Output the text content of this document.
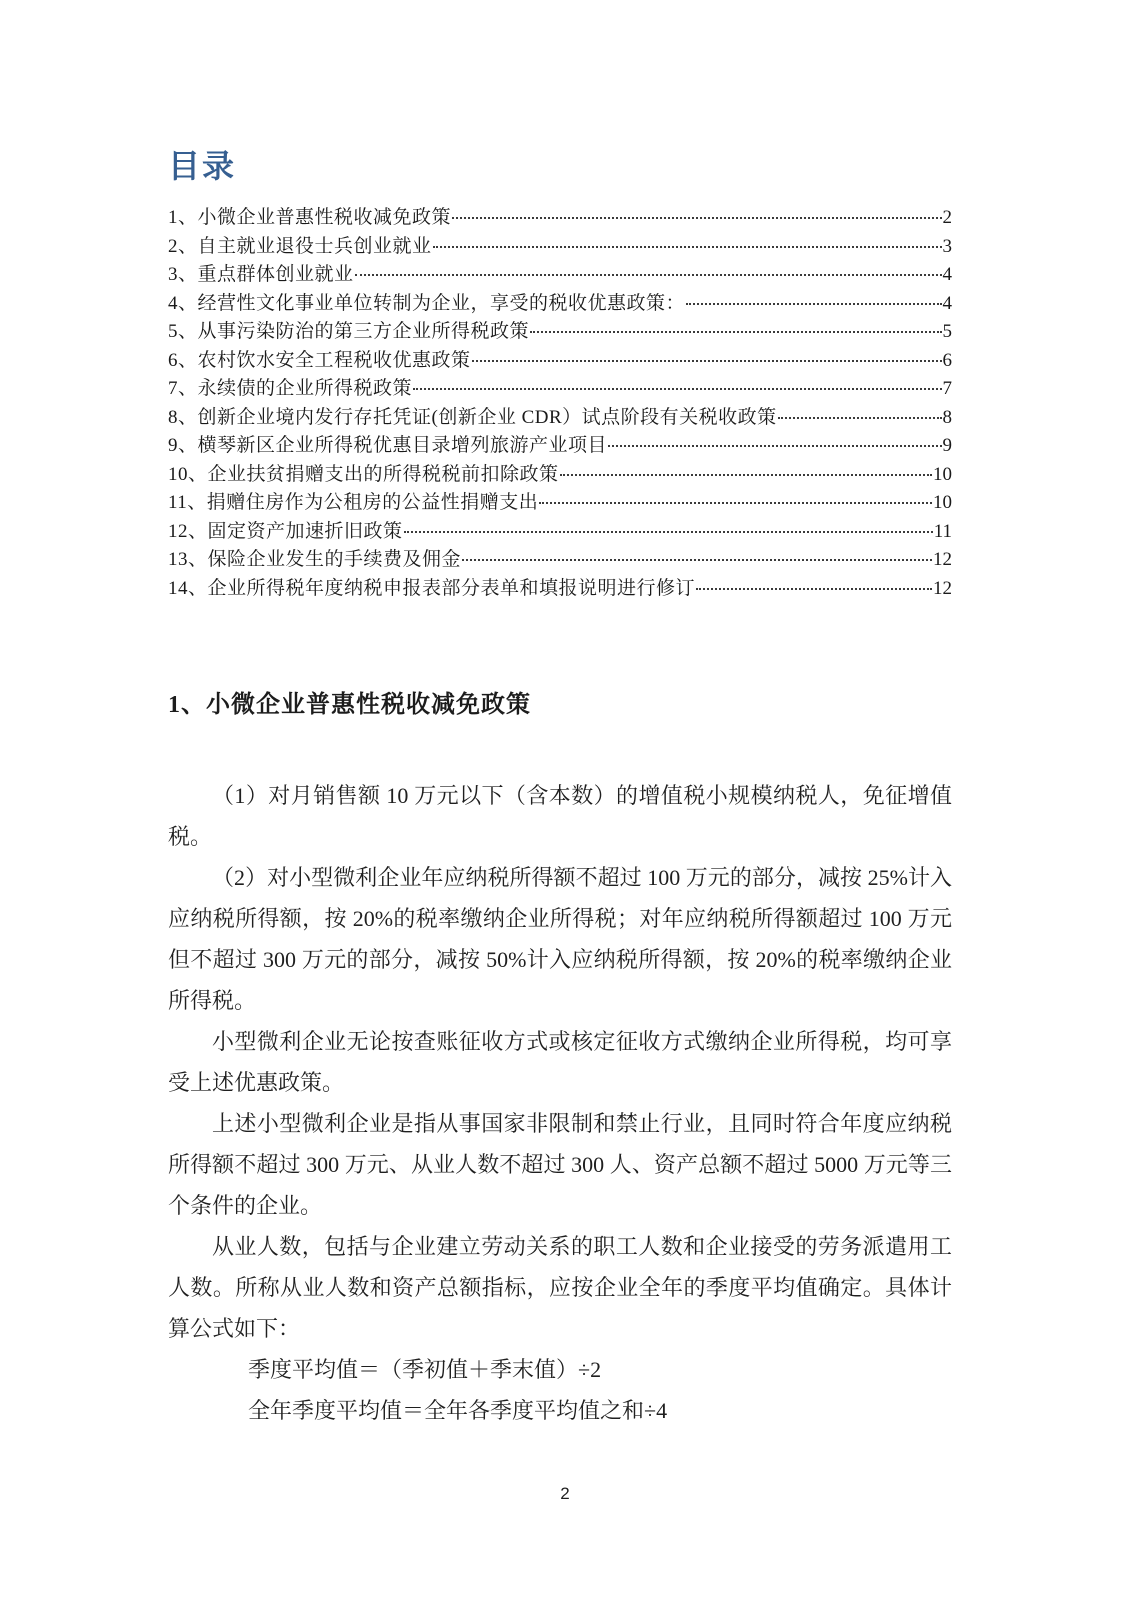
目录
1、小微企业普惠性税收减免政策	2
2、自主就业退役士兵创业就业	3
3、重点群体创业就业	4
4、经营性文化事业单位转制为企业，享受的税收优惠政策：	4
5、从事污染防治的第三方企业所得税政策	5
6、农村饮水安全工程税收优惠政策	6
7、永续债的企业所得税政策	7
8、创新企业境内发行存托凭证(创新企业 CDR）试点阶段有关税收政策	8
9、横琴新区企业所得税优惠目录增列旅游产业项目	9
10、企业扶贫捐赠支出的所得税税前扣除政策	10
11、捐赠住房作为公租房的公益性捐赠支出	10
12、固定资产加速折旧政策	11
13、保险企业发生的手续费及佣金	12
14、企业所得税年度纳税申报表部分表单和填报说明进行修订	12
1、小微企业普惠性税收减免政策

（1）对月销售额 10 万元以下（含本数）的增值税小规模纳税人，免征增值税。

（2）对小型微利企业年应纳税所得额不超过 100 万元的部分，减按 25%计入应纳税所得额，按 20%的税率缴纳企业所得税；对年应纳税所得额超过 100 万元但不超过 300 万元的部分，减按 50%计入应纳税所得额，按 20%的税率缴纳企业所得税。

小型微利企业无论按查账征收方式或核定征收方式缴纳企业所得税，均可享受上述优惠政策。

上述小型微利企业是指从事国家非限制和禁止行业，且同时符合年度应纳税所得额不超过 300 万元、从业人数不超过 300 人、资产总额不超过 5000 万元等三个条件的企业。

从业人数，包括与企业建立劳动关系的职工人数和企业接受的劳务派遣用工人数。所称从业人数和资产总额指标，应按企业全年的季度平均值确定。具体计算公式如下：

季度平均值＝（季初值＋季末值）÷2

全年季度平均值＝全年各季度平均值之和÷4

2
